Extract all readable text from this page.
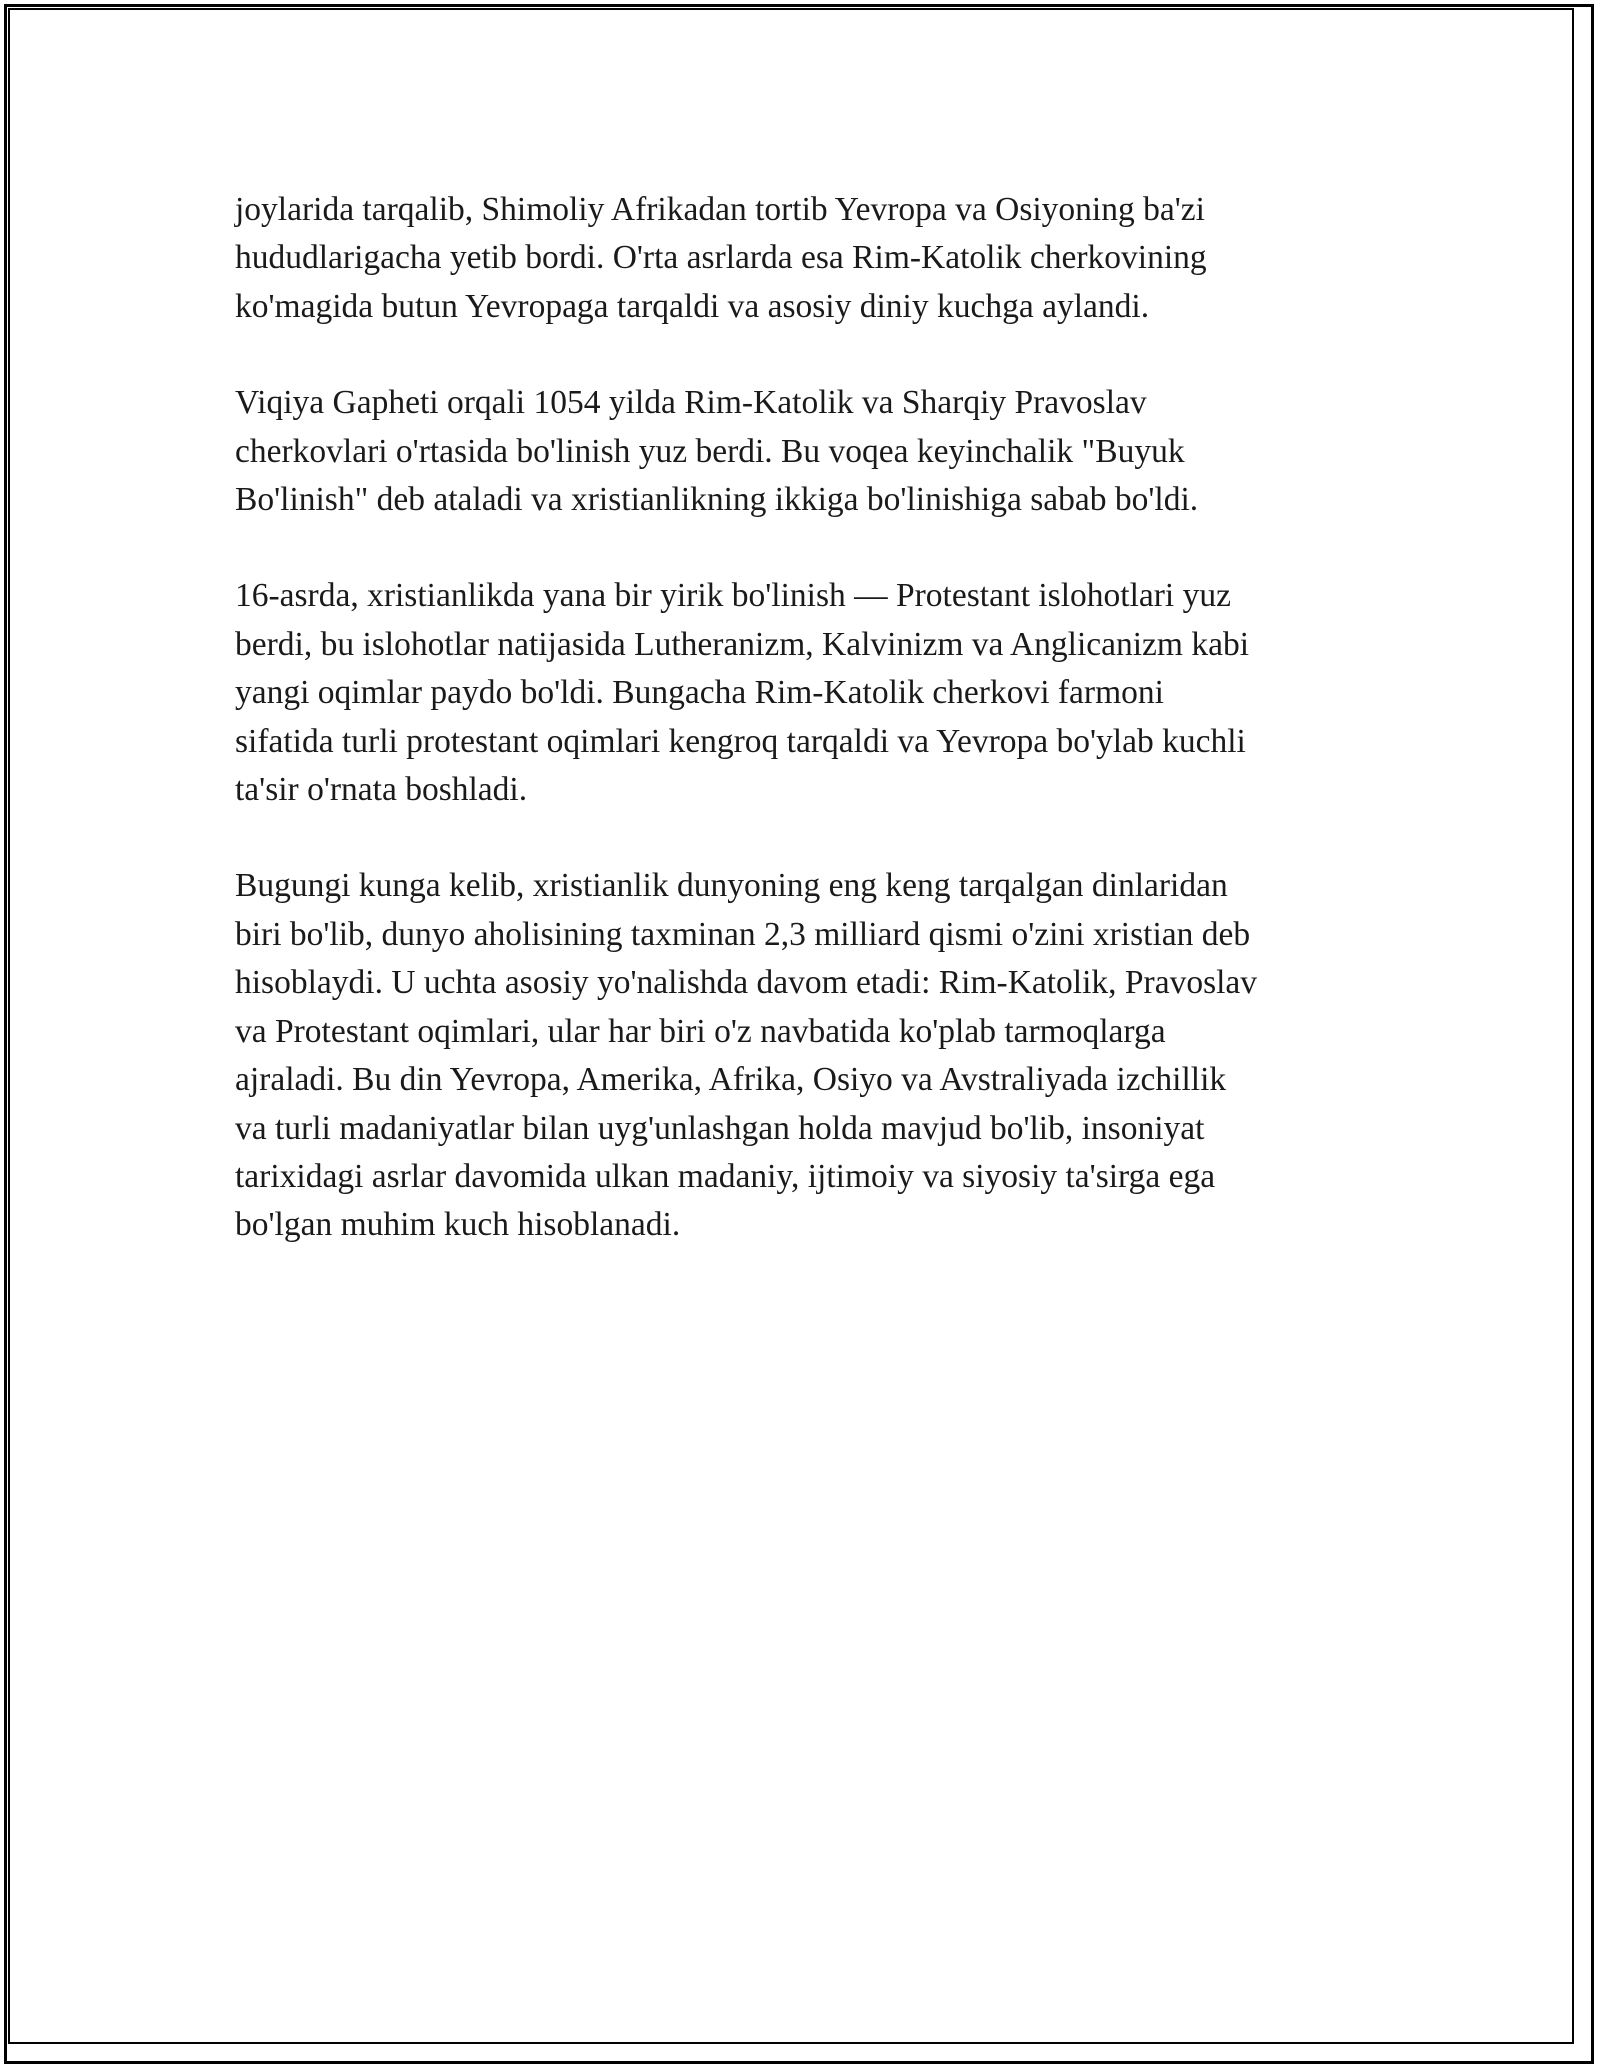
joylarida tarqalib, Shimoliy Afrikadan tortib Yevropa va Osiyoning ba'zi
hududlarigacha yetib bordi. O'rta asrlarda esa Rim-Katolik cherkovining
ko'magida butun Yevropaga tarqaldi va asosiy diniy kuchga aylandi.

Viqiya Gapheti orqali 1054 yilda Rim-Katolik va Sharqiy Pravoslav
cherkovlari o'rtasida bo'linish yuz berdi. Bu voqea keyinchalik "Buyuk
Bo'linish" deb ataladi va xristianlikning ikkiga bo'linishiga sabab bo'ldi.

16-asrda, xristianlikda yana bir yirik bo'linish — Protestant islohotlari yuz
berdi, bu islohotlar natijasida Lutheranizm, Kalvinizm va Anglicanizm kabi
yangi oqimlar paydo bo'ldi. Bungacha Rim-Katolik cherkovi farmoni
sifatida turli protestant oqimlari kengroq tarqaldi va Yevropa bo'ylab kuchli
ta'sir o'rnata boshladi.

Bugungi kunga kelib, xristianlik dunyoning eng keng tarqalgan dinlaridan
biri bo'lib, dunyo aholisining taxminan 2,3 milliard qismi o'zini xristian deb
hisoblaydi. U uchta asosiy yo'nalishda davom etadi: Rim-Katolik, Pravoslav
va Protestant oqimlari, ular har biri o'z navbatida ko'plab tarmoqlarga
ajraladi. Bu din Yevropa, Amerika, Afrika, Osiyo va Avstraliyada izchillik
va turli madaniyatlar bilan uyg'unlashgan holda mavjud bo'lib, insoniyat
tarixidagi asrlar davomida ulkan madaniy, ijtimoiy va siyosiy ta'sirga ega
bo'lgan muhim kuch hisoblanadi.
